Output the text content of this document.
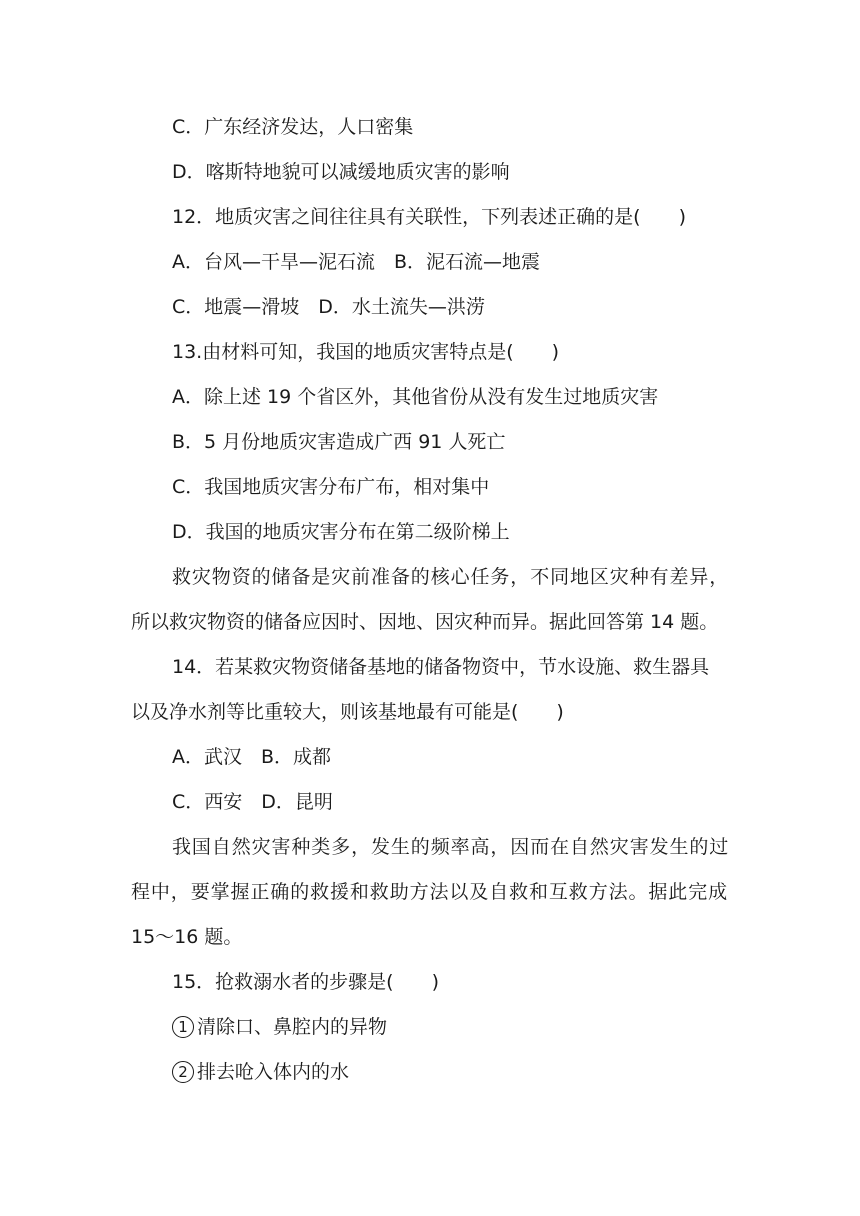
C．广东经济发达，人口密集
D．喀斯特地貌可以减缓地质灾害的影响
12．地质灾害之间往往具有关联性，下列表述正确的是(　　)
A．台风—干旱—泥石流　B．泥石流—地震
C．地震—滑坡　D．水土流失—洪涝
13.由材料可知，我国的地质灾害特点是(　　)
A．除上述 19 个省区外，其他省份从没有发生过地质灾害
B．5 月份地质灾害造成广西 91 人死亡
C．我国地质灾害分布广布，相对集中
D．我国的地质灾害分布在第二级阶梯上
救灾物资的储备是灾前准备的核心任务，不同地区灾种有差异，
所以救灾物资的储备应因时、因地、因灾种而异。据此回答第 14 题。
14．若某救灾物资储备基地的储备物资中，节水设施、救生器具
以及净水剂等比重较大，则该基地最有可能是(　　)
A．武汉　B．成都
C．西安　D．昆明
我国自然灾害种类多，发生的频率高，因而在自然灾害发生的过
程中，要掌握正确的救援和救助方法以及自救和互救方法。据此完成
15～16 题。
15．抢救溺水者的步骤是(　　)
1 清除口、鼻腔内的异物
2 排去呛入体内的水
